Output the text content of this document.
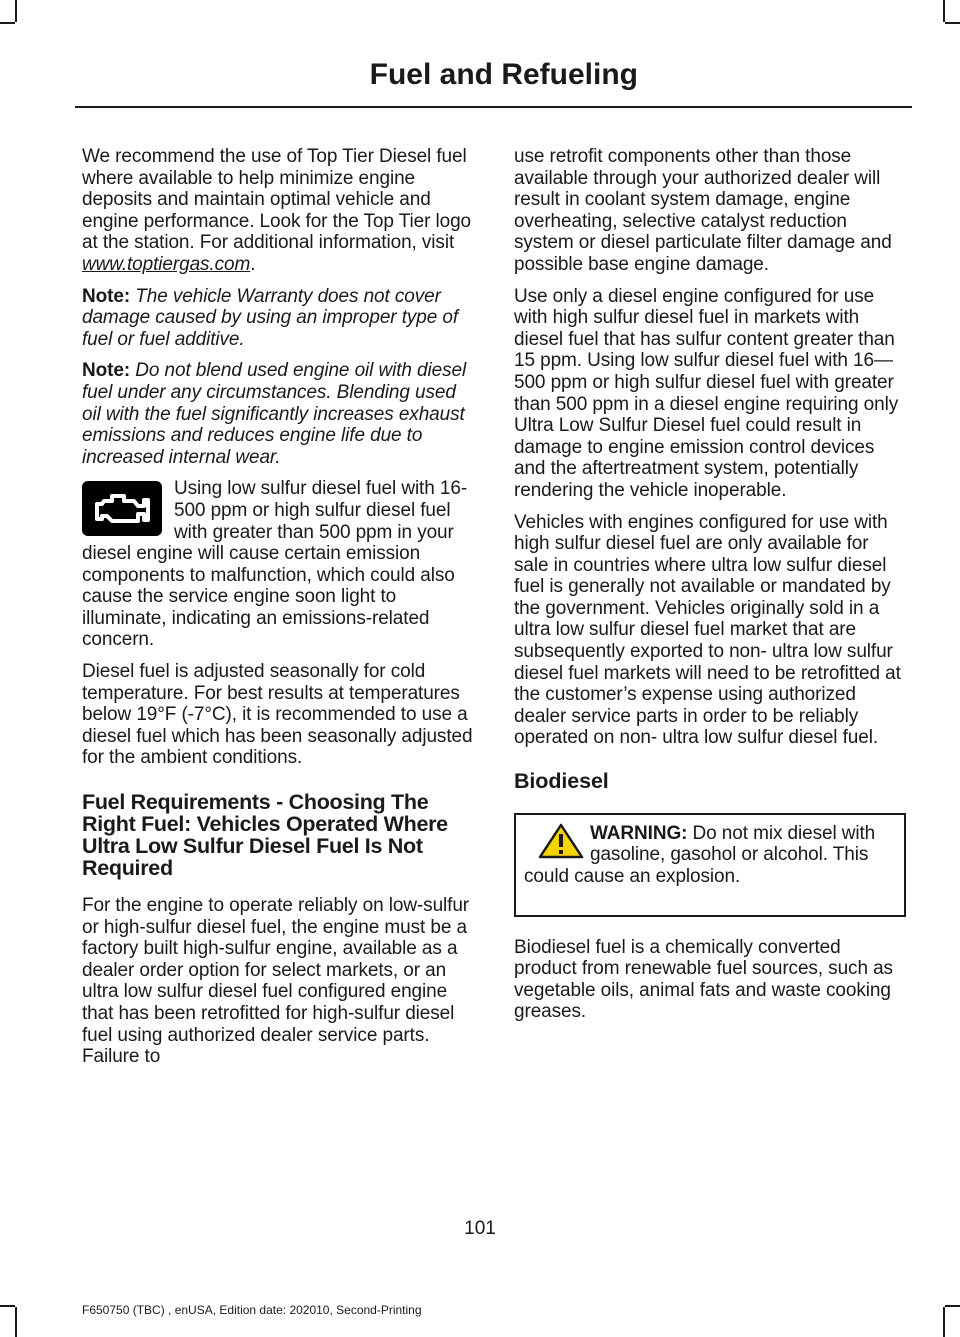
Fuel and Refueling

We recommend the use of Top Tier Diesel fuel where available to help minimize engine deposits and maintain optimal vehicle and engine performance. Look for the Top Tier logo at the station. For additional information, visit www.toptiergas.com.

Note: The vehicle Warranty does not cover damage caused by using an improper type of fuel or fuel additive.

Note: Do not blend used engine oil with diesel fuel under any circumstances. Blending used oil with the fuel significantly increases exhaust emissions and reduces engine life due to increased internal wear.

Using low sulfur diesel fuel with 16-500 ppm or high sulfur diesel fuel with greater than 500 ppm in your diesel engine will cause certain emission components to malfunction, which could also cause the service engine soon light to illuminate, indicating an emissions-related concern.

Diesel fuel is adjusted seasonally for cold temperature. For best results at temperatures below 19°F (-7°C), it is recommended to use a diesel fuel which has been seasonally adjusted for the ambient conditions.

Fuel Requirements - Choosing The Right Fuel: Vehicles Operated Where Ultra Low Sulfur Diesel Fuel Is Not Required

For the engine to operate reliably on low-sulfur or high-sulfur diesel fuel, the engine must be a factory built high-sulfur engine, available as a dealer order option for select markets, or an ultra low sulfur diesel fuel configured engine that has been retrofitted for high-sulfur diesel fuel using authorized dealer service parts. Failure to

use retrofit components other than those available through your authorized dealer will result in coolant system damage, engine overheating, selective catalyst reduction system or diesel particulate filter damage and possible base engine damage.

Use only a diesel engine configured for use with high sulfur diesel fuel in markets with diesel fuel that has sulfur content greater than 15 ppm. Using low sulfur diesel fuel with 16—500 ppm or high sulfur diesel fuel with greater than 500 ppm in a diesel engine requiring only Ultra Low Sulfur Diesel fuel could result in damage to engine emission control devices and the aftertreatment system, potentially rendering the vehicle inoperable.

Vehicles with engines configured for use with high sulfur diesel fuel are only available for sale in countries where ultra low sulfur diesel fuel is generally not available or mandated by the government. Vehicles originally sold in a ultra low sulfur diesel fuel market that are subsequently exported to non- ultra low sulfur diesel fuel markets will need to be retrofitted at the customer’s expense using authorized dealer service parts in order to be reliably operated on non- ultra low sulfur diesel fuel.

Biodiesel
WARNING: Do not mix diesel with gasoline, gasohol or alcohol. This could cause an explosion.

Biodiesel fuel is a chemically converted product from renewable fuel sources, such as vegetable oils, animal fats and waste cooking greases.

101
F650750 (TBC) , enUSA, Edition date: 202010, Second-Printing
